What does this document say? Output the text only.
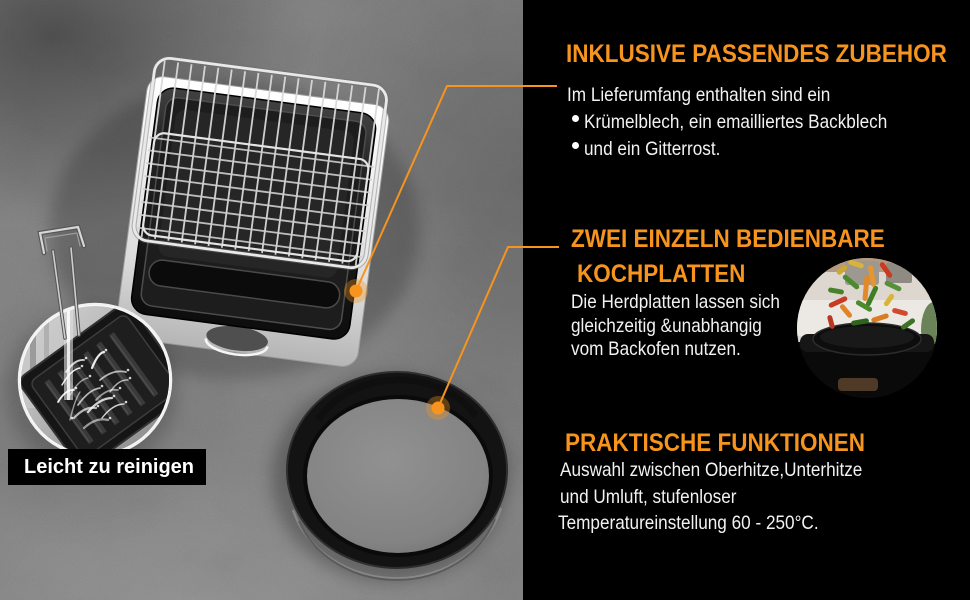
INKLUSIVE PASSENDES ZUBEHOR
Im Lieferumfang enthalten sind ein
Krümelblech, ein emailliertes Backblech
und ein Gitterrost.
ZWEI EINZELN BEDIENBARE
KOCHPLATTEN
Die Herdplatten lassen sich
gleichzeitig &unabhangig
vom Backofen nutzen.
PRAKTISCHE FUNKTIONEN
Auswahl zwischen Oberhitze,Unterhitze
und Umluft, stufenloser
Temperatureinstellung 60 - 250°C.
Leicht zu reinigen
